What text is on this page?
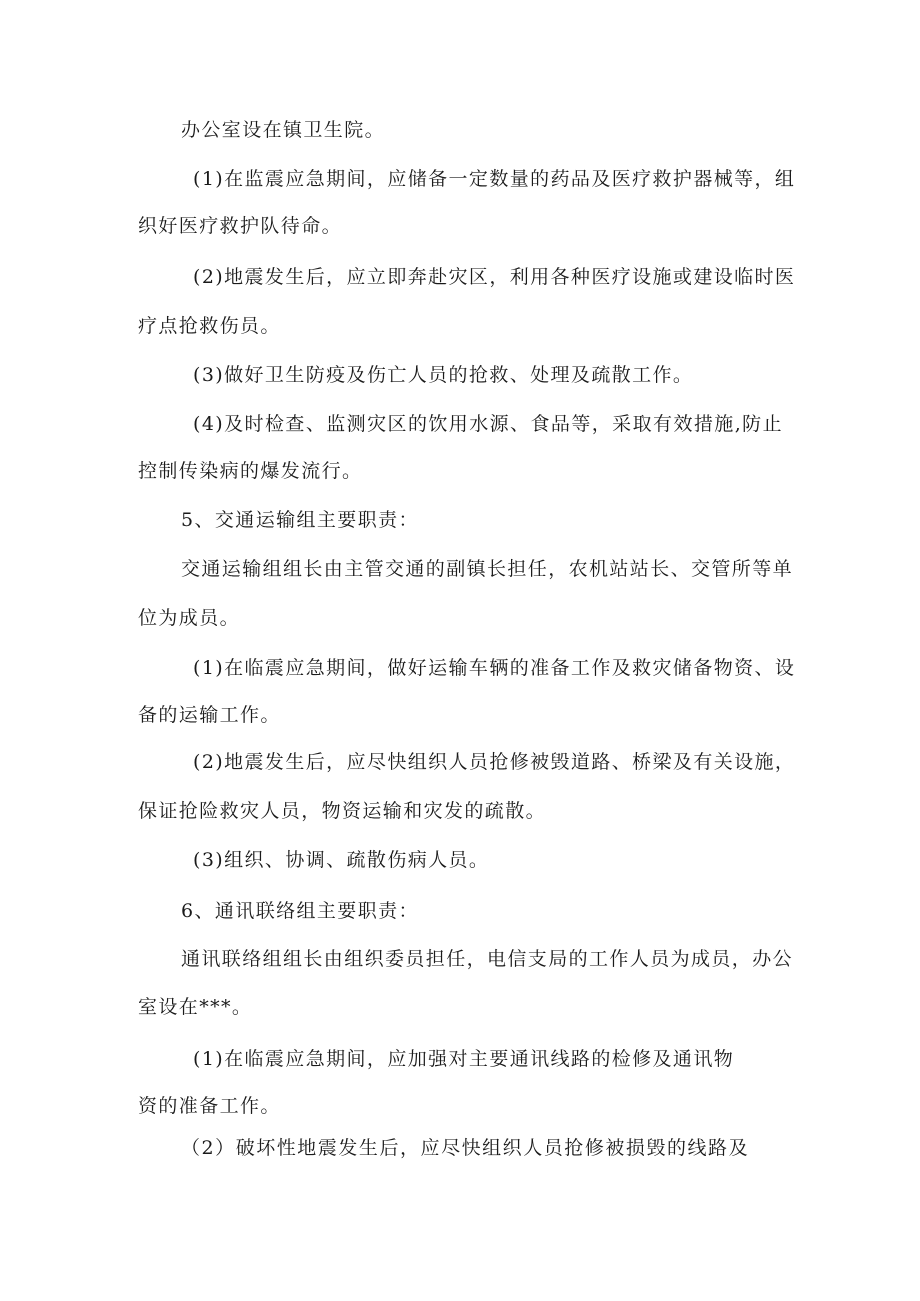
办公室设在镇卫生院。
(1)在监震应急期间，应储备一定数量的药品及医疗救护器械等，组
织好医疗救护队待命。
(2)地震发生后，应立即奔赴灾区，利用各种医疗设施或建设临时医
疗点抢救伤员。
(3)做好卫生防疫及伤亡人员的抢救、处理及疏散工作。
(4)及时检查、监测灾区的饮用水源、食品等，采取有效措施,防止
控制传染病的爆发流行。
5、交通运输组主要职责：
交通运输组组长由主管交通的副镇长担任，农机站站长、交管所等单
位为成员。
(1)在临震应急期间，做好运输车辆的准备工作及救灾储备物资、设
备的运输工作。
(2)地震发生后，应尽快组织人员抢修被毁道路、桥梁及有关设施，
保证抢险救灾人员，物资运输和灾发的疏散。
(3)组织、协调、疏散伤病人员。
6、通讯联络组主要职责：
通讯联络组组长由组织委员担任，电信支局的工作人员为成员，办公
室设在***。
(1)在临震应急期间，应加强对主要通讯线路的检修及通讯物
资的准备工作。
（2）破坏性地震发生后，应尽快组织人员抢修被损毁的线路及
